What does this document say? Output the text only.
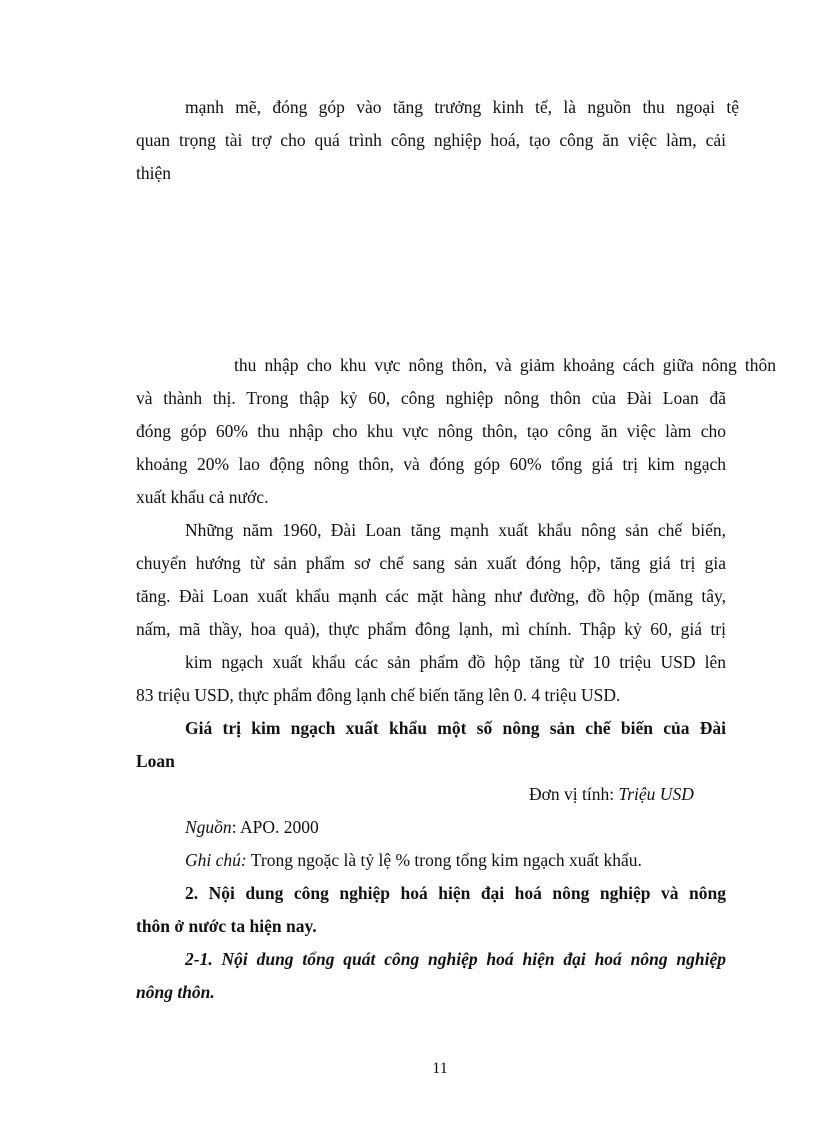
mạnh mẽ, đóng góp vào tăng trưởng kinh tế, là nguồn thu ngoại tệ
quan trọng tài trợ cho quá trình công nghiệp hoá, tạo công ăn việc làm, cải
thiện
thu nhập cho khu vực nông thôn, và giảm khoảng cách giữa nông thôn
và thành thị. Trong thập kỷ 60, công nghiệp nông thôn của Đài Loan đã
đóng góp 60% thu nhập cho khu vực nông thôn, tạo công ăn việc làm cho
khoảng 20% lao động nông thôn, và đóng góp 60% tổng giá trị kim ngạch
xuất khẩu cả nước.
Những năm 1960, Đài Loan tăng mạnh xuất khẩu nông sản chế biến,
chuyển hướng từ sản phẩm sơ chế sang sản xuất đóng hộp, tăng giá trị gia
tăng. Đài Loan xuất khẩu mạnh các mặt hàng như đường, đồ hộp (măng tây,
nấm, mã thầy, hoa quả), thực phẩm đông lạnh, mì chính. Thập kỷ 60, giá trị
kim ngạch xuất khẩu các sản phẩm đồ hộp tăng từ 10 triệu USD lên
83 triệu USD, thực phẩm đông lạnh chế biến tăng lên 0. 4 triệu USD.
Giá trị kim ngạch xuất khẩu một số nông sản chế biến của Đài
Loan
Đơn vị tính: Triệu USD
Nguồn: APO. 2000
Ghi chú: Trong ngoặc là tỷ lệ % trong tổng kim ngạch xuất khẩu.
2. Nội dung công nghiệp hoá hiện đại hoá nông nghiệp và nông
thôn ở nước ta hiện nay.
2-1. Nội dung tổng quát công nghiệp hoá hiện đại hoá nông nghiệp
nông thôn.
11
